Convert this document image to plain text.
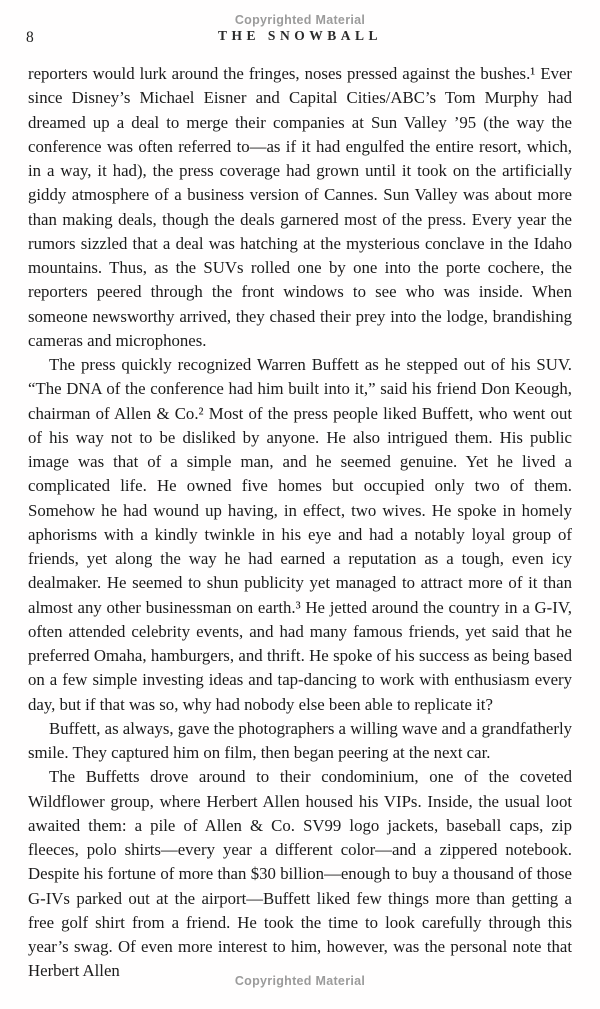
Copyrighted Material
8	THE SNOWBALL

reporters would lurk around the fringes, noses pressed against the bushes.¹ Ever since Disney’s Michael Eisner and Capital Cities/ABC’s Tom Murphy had dreamed up a deal to merge their companies at Sun Valley ’95 (the way the conference was often referred to—as if it had engulfed the entire resort, which, in a way, it had), the press coverage had grown until it took on the artificially giddy atmosphere of a business version of Cannes. Sun Valley was about more than making deals, though the deals garnered most of the press. Every year the rumors sizzled that a deal was hatching at the mysterious conclave in the Idaho mountains. Thus, as the SUVs rolled one by one into the porte cochere, the reporters peered through the front windows to see who was inside. When someone newsworthy arrived, they chased their prey into the lodge, brandishing cameras and microphones.

The press quickly recognized Warren Buffett as he stepped out of his SUV. “The DNA of the conference had him built into it,” said his friend Don Keough, chairman of Allen & Co.² Most of the press people liked Buffett, who went out of his way not to be disliked by anyone. He also intrigued them. His public image was that of a simple man, and he seemed genuine. Yet he lived a complicated life. He owned five homes but occupied only two of them. Somehow he had wound up having, in effect, two wives. He spoke in homely aphorisms with a kindly twinkle in his eye and had a notably loyal group of friends, yet along the way he had earned a reputation as a tough, even icy dealmaker. He seemed to shun publicity yet managed to attract more of it than almost any other businessman on earth.³ He jetted around the country in a G-IV, often attended celebrity events, and had many famous friends, yet said that he preferred Omaha, hamburgers, and thrift. He spoke of his success as being based on a few simple investing ideas and tap-dancing to work with enthusiasm every day, but if that was so, why had nobody else been able to replicate it?

Buffett, as always, gave the photographers a willing wave and a grandfatherly smile. They captured him on film, then began peering at the next car.

The Buffetts drove around to their condominium, one of the coveted Wildflower group, where Herbert Allen housed his VIPs. Inside, the usual loot awaited them: a pile of Allen & Co. SV99 logo jackets, baseball caps, zip fleeces, polo shirts—every year a different color—and a zippered notebook. Despite his fortune of more than $30 billion—enough to buy a thousand of those G-IVs parked out at the airport—Buffett liked few things more than getting a free golf shirt from a friend. He took the time to look carefully through this year’s swag. Of even more interest to him, however, was the personal note that Herbert Allen

Copyrighted Material
